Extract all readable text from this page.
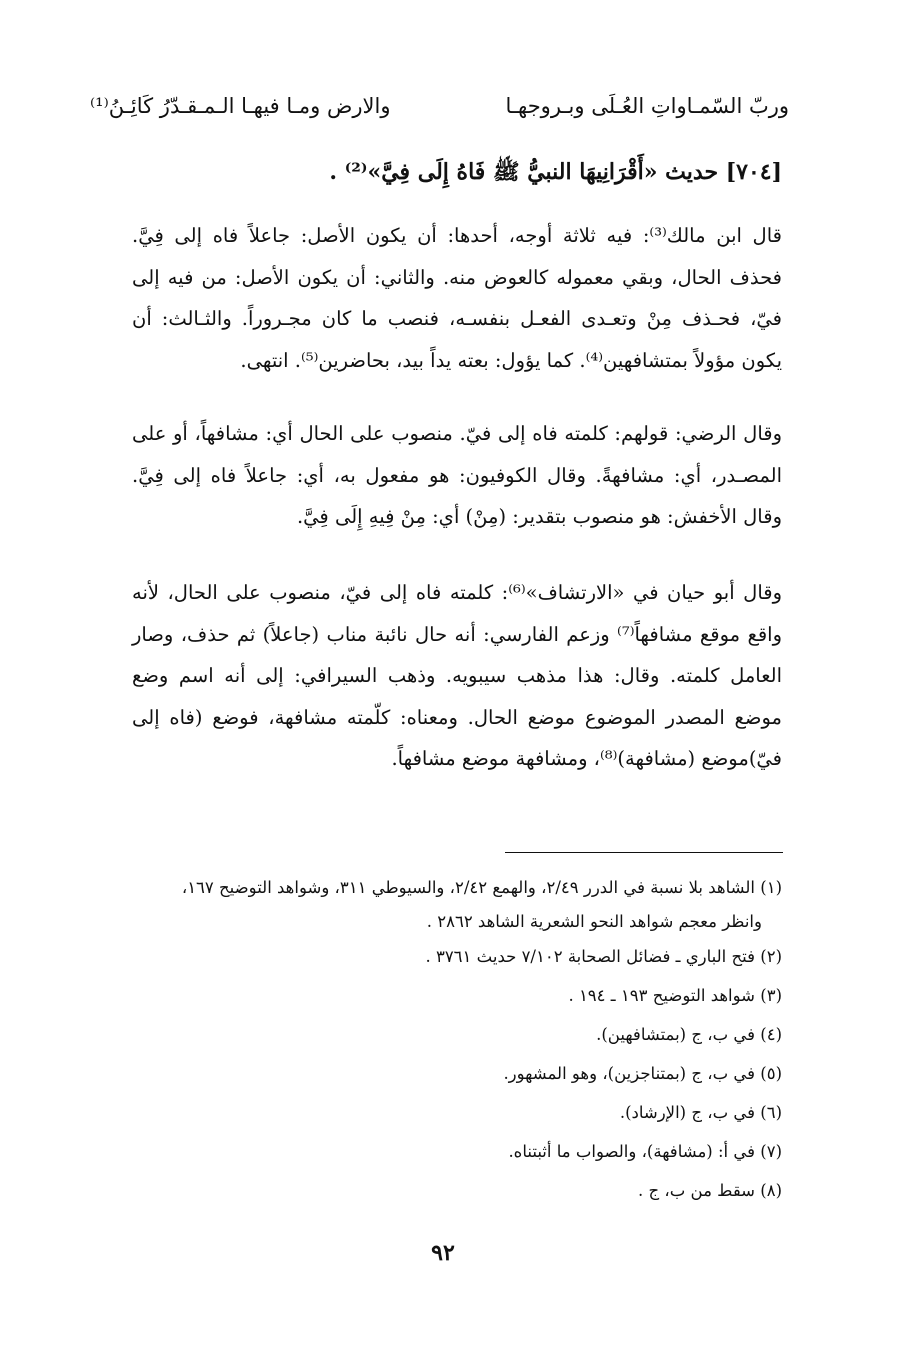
وربّ السّمـاواتِ العُـلَى وبـروجهـا
والارض ومـا فيهـا الـمـقـدّرُ كَائِـنُ⁽¹⁾
[٧٠٤] حديث «أَقْرَانِيهَا النبيُّ ﷺ فَاهُ إِلَى فِيَّ»⁽²⁾ .

قال ابن مالك⁽³⁾: فيه ثلاثة أوجه، أحدها: أن يكون الأصل: جاعلاً فاه إلى فِيَّ. فحذف الحال، وبقي معموله كالعوض منه. والثاني: أن يكون الأصل: من فيه إلى فيّ، فحـذف مِنْ وتعـدى الفعـل بنفسـه، فنصب ما كان مجـروراً. والثـالث: أن يكون مؤولاً بمتشافهين⁽⁴⁾. كما يؤول: بعته يداً بيد، بحاضرين⁽⁵⁾. انتهى.

وقال الرضي: قولهم: كلمته فاه إلى فيّ. منصوب على الحال أي: مشافهاً، أو على المصـدر، أي: مشافهةً. وقال الكوفيون: هو مفعول به، أي: جاعلاً فاه إلى فِيَّ. وقال الأخفش: هو منصوب بتقدير: (مِنْ) أي: مِنْ فِيهِ إِلَى فِيَّ.

وقال أبو حيان في «الارتشاف»⁽⁶⁾: كلمته فاه إلى فيّ، منصوب على الحال، لأنه واقع موقع مشافهاً⁽⁷⁾ وزعم الفارسي: أنه حال نائبة مناب (جاعلاً) ثم حذف، وصار العامل كلمته. وقال: هذا مذهب سيبويه. وذهب السيرافي: إلى أنه اسم وضع موضع المصدر الموضوع موضع الحال. ومعناه: كلّمته مشافهة، فوضع (فاه إلى فيّ)موضع (مشافهة)⁽⁸⁾، ومشافهة موضع مشافهاً.

(١) الشاهد بلا نسبة في الدرر ٢/٤٩، والهمع ٢/٤٢، والسيوطي ٣١١، وشواهد التوضيح ١٦٧،
وانظر معجم شواهد النحو الشعرية الشاهد ٢٨٦٢ .
(٢) فتح الباري ـ فضائل الصحابة ٧/١٠٢ حديث ٣٧٦١ .
(٣) شواهد التوضيح ١٩٣ ـ ١٩٤ .
(٤) في ب، ج (بمتشافهين).
(٥) في ب، ج (بمتناجزين)، وهو المشهور.
(٦) في ب، ج (الإرشاد).
(٧) في أ: (مشافهة)، والصواب ما أثبتناه.
(٨) سقط من ب، ج .
٩٢
